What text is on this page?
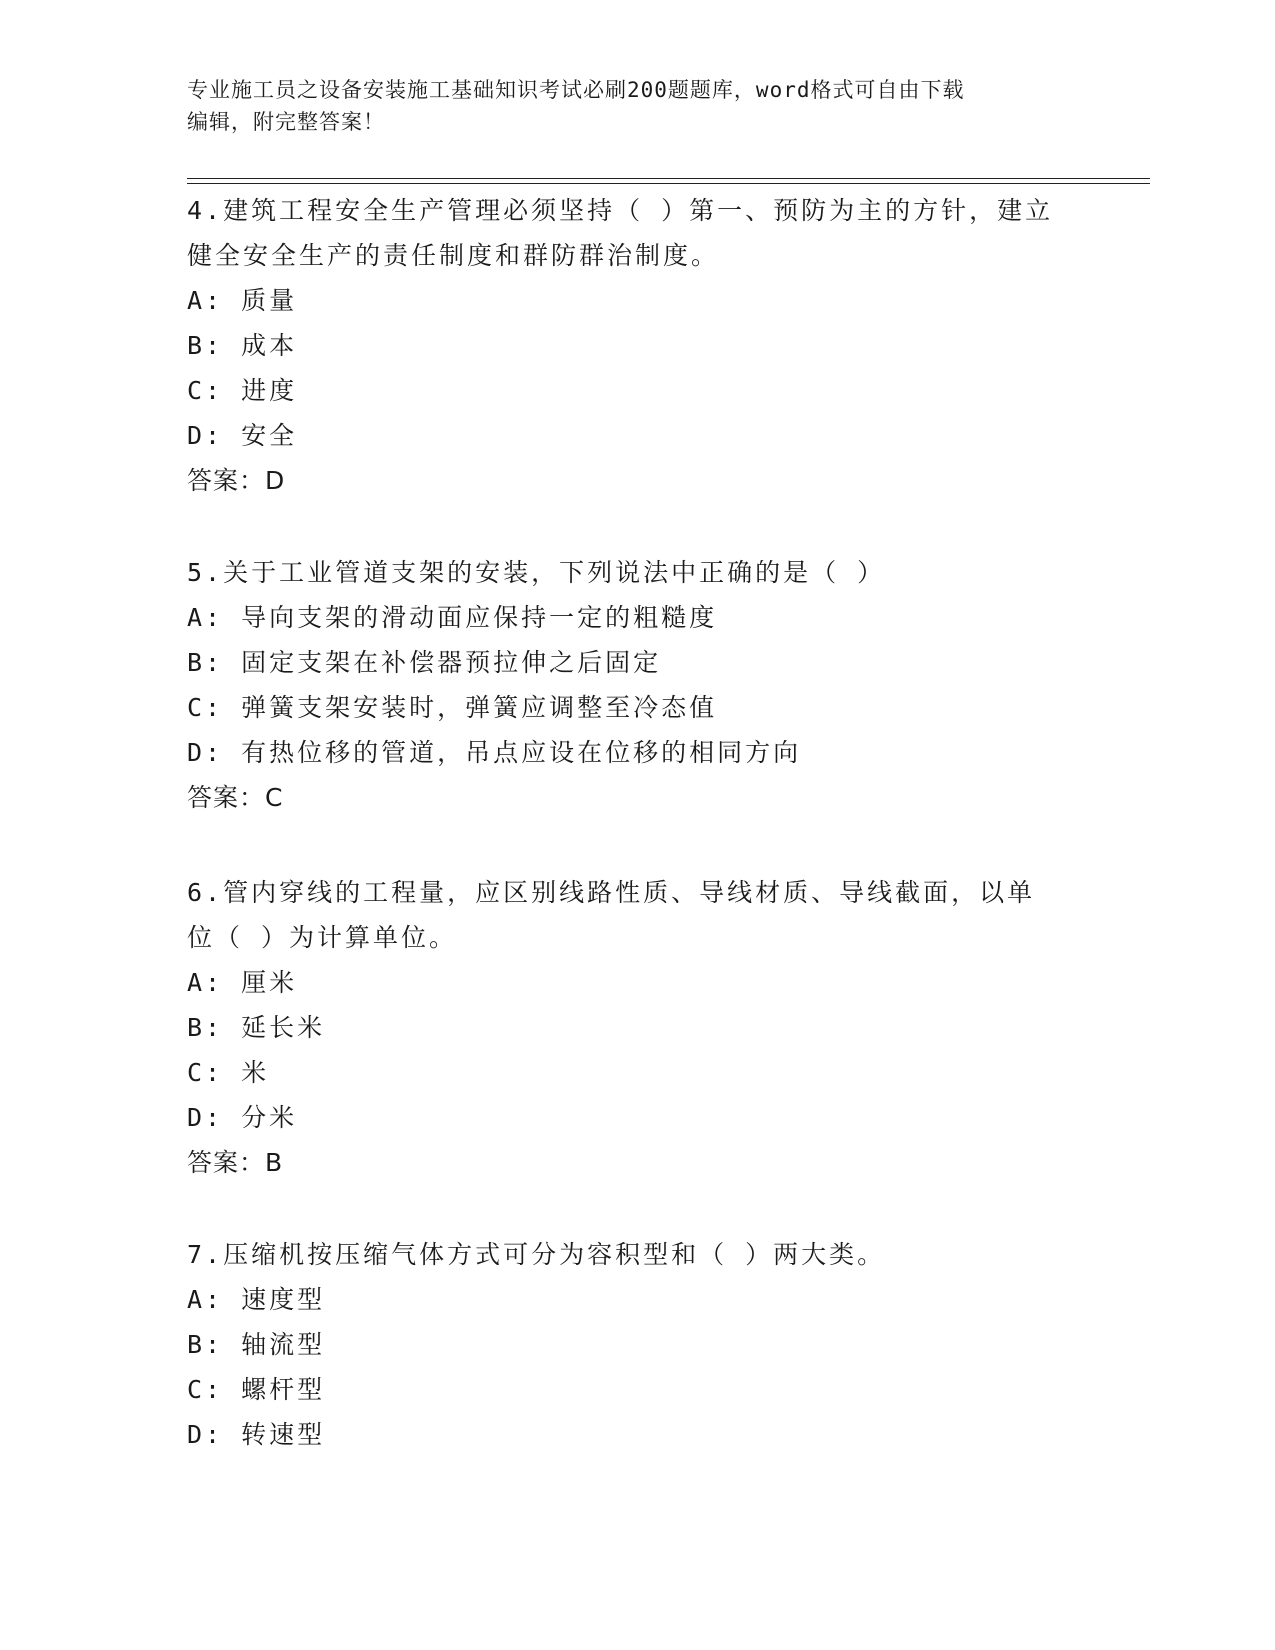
专业施工员之设备安装施工基础知识考试必刷200题题库，word格式可自由下载
编辑，附完整答案！
4.建筑工程安全生产管理必须坚持（ ）第一、预防为主的方针，建立
健全安全生产的责任制度和群防群治制度。
A: 质量
B: 成本
C: 进度
D: 安全
答案：D
5.关于工业管道支架的安装，下列说法中正确的是（ ）
A: 导向支架的滑动面应保持一定的粗糙度
B: 固定支架在补偿器预拉伸之后固定
C: 弹簧支架安装时，弹簧应调整至冷态值
D: 有热位移的管道，吊点应设在位移的相同方向
答案：C
6.管内穿线的工程量，应区别线路性质、导线材质、导线截面，以单
位（ ）为计算单位。
A: 厘米
B: 延长米
C: 米
D: 分米
答案：B
7.压缩机按压缩气体方式可分为容积型和（ ）两大类。
A: 速度型
B: 轴流型
C: 螺杆型
D: 转速型
